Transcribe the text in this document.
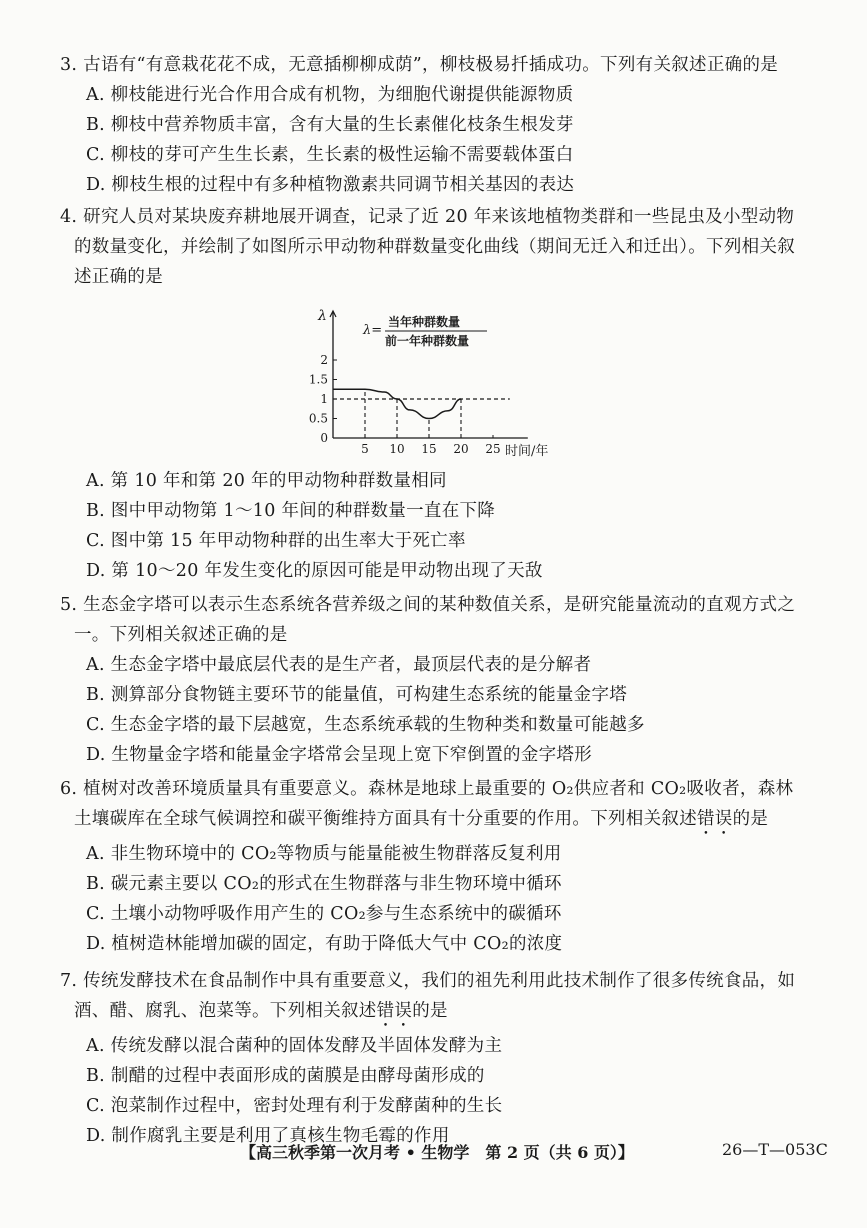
3. 古语有“有意栽花花不成，无意插柳柳成荫”，柳枝极易扦插成功。下列有关叙述正确的是

A. 柳枝能进行光合作用合成有机物，为细胞代谢提供能源物质

B. 柳枝中营养物质丰富，含有大量的生长素催化枝条生根发芽

C. 柳枝的芽可产生生长素，生长素的极性运输不需要载体蛋白

D. 柳枝生根的过程中有多种植物激素共同调节相关基因的表达

4. 研究人员对某块废弃耕地展开调查，记录了近 20 年来该地植物类群和一些昆虫及小型动物

的数量变化，并绘制了如图所示甲动物种群数量变化曲线（期间无迁入和迁出）。下列相关叙

述正确的是

λ
λ=
当年种群数量
前一年种群数量
时间/年
0
0.5
1
1.5
2
5 10 15 20 25

A. 第 10 年和第 20 年的甲动物种群数量相同

B. 图中甲动物第 1～10 年间的种群数量一直在下降

C. 图中第 15 年甲动物种群的出生率大于死亡率

D. 第 10～20 年发生变化的原因可能是甲动物出现了天敌

5. 生态金字塔可以表示生态系统各营养级之间的某种数值关系，是研究能量流动的直观方式之

一。下列相关叙述正确的是

A. 生态金字塔中最底层代表的是生产者，最顶层代表的是分解者

B. 测算部分食物链主要环节的能量值，可构建生态系统的能量金字塔

C. 生态金字塔的最下层越宽，生态系统承载的生物种类和数量可能越多

D. 生物量金字塔和能量金字塔常会呈现上宽下窄倒置的金字塔形

6. 植树对改善环境质量具有重要意义。森林是地球上最重要的 O₂供应者和 CO₂吸收者，森林

土壤碳库在全球气候调控和碳平衡维持方面具有十分重要的作用。下列相关叙述错误的是

A. 非生物环境中的 CO₂等物质与能量能被生物群落反复利用

B. 碳元素主要以 CO₂的形式在生物群落与非生物环境中循环

C. 土壤小动物呼吸作用产生的 CO₂参与生态系统中的碳循环

D. 植树造林能增加碳的固定，有助于降低大气中 CO₂的浓度

7. 传统发酵技术在食品制作中具有重要意义，我们的祖先利用此技术制作了很多传统食品，如

酒、醋、腐乳、泡菜等。下列相关叙述错误的是

A. 传统发酵以混合菌种的固体发酵及半固体发酵为主

B. 制醋的过程中表面形成的菌膜是由酵母菌形成的

C. 泡菜制作过程中，密封处理有利于发酵菌种的生长

D. 制作腐乳主要是利用了真核生物毛霉的作用

【高三秋季第一次月考 • 生物学　第 2 页（共 6 页）】	26—T—053C
